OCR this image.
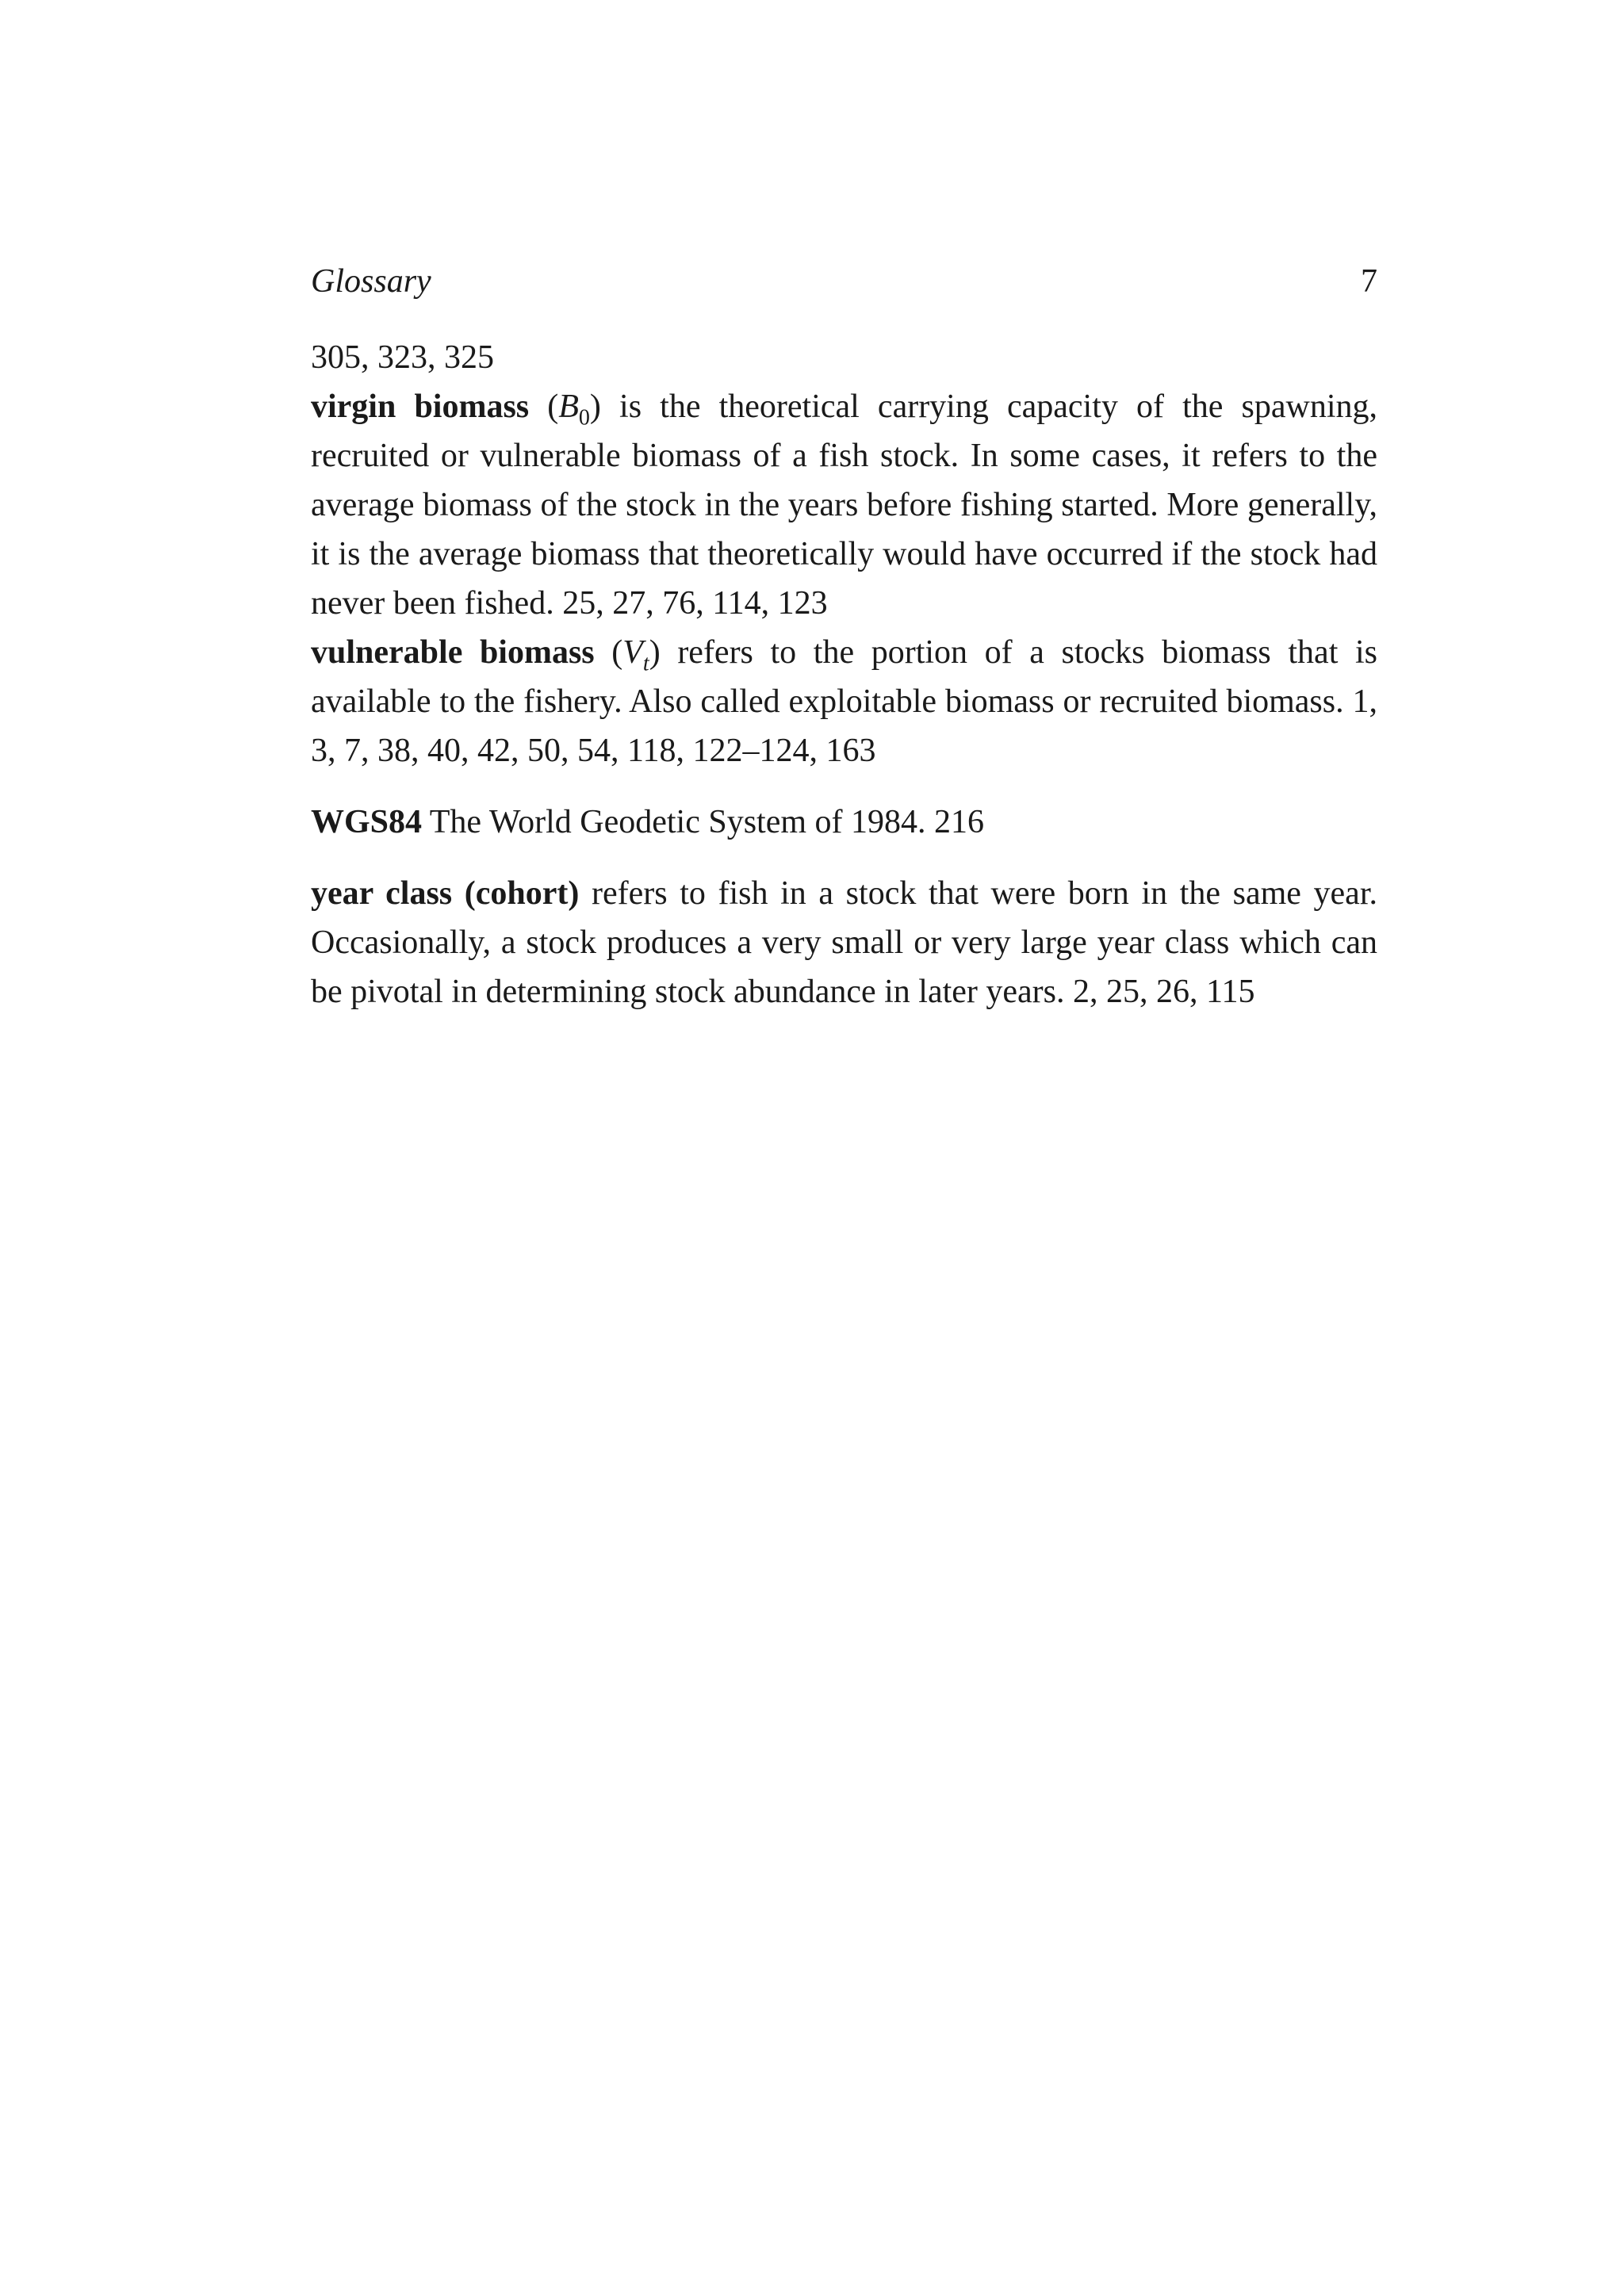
Glossary	7

305, 323, 325

virgin biomass $(B_0)$ is the theoretical carrying capacity of the spawning, recruited or vulnerable biomass of a fish stock. In some cases, it refers to the average biomass of the stock in the years before fishing started. More generally, it is the average biomass that theoretically would have occurred if the stock had never been fished. 25, 27, 76, 114, 123

vulnerable biomass $(V_t)$ refers to the portion of a stocks biomass that is available to the fishery. Also called exploitable biomass or recruited biomass. 1, 3, 7, 38, 40, 42, 50, 54, 118, 122–124, 163

WGS84 The World Geodetic System of 1984. 216

year class (cohort) refers to fish in a stock that were born in the same year. Occasionally, a stock produces a very small or very large year class which can be pivotal in determining stock abundance in later years. 2, 25, 26, 115
